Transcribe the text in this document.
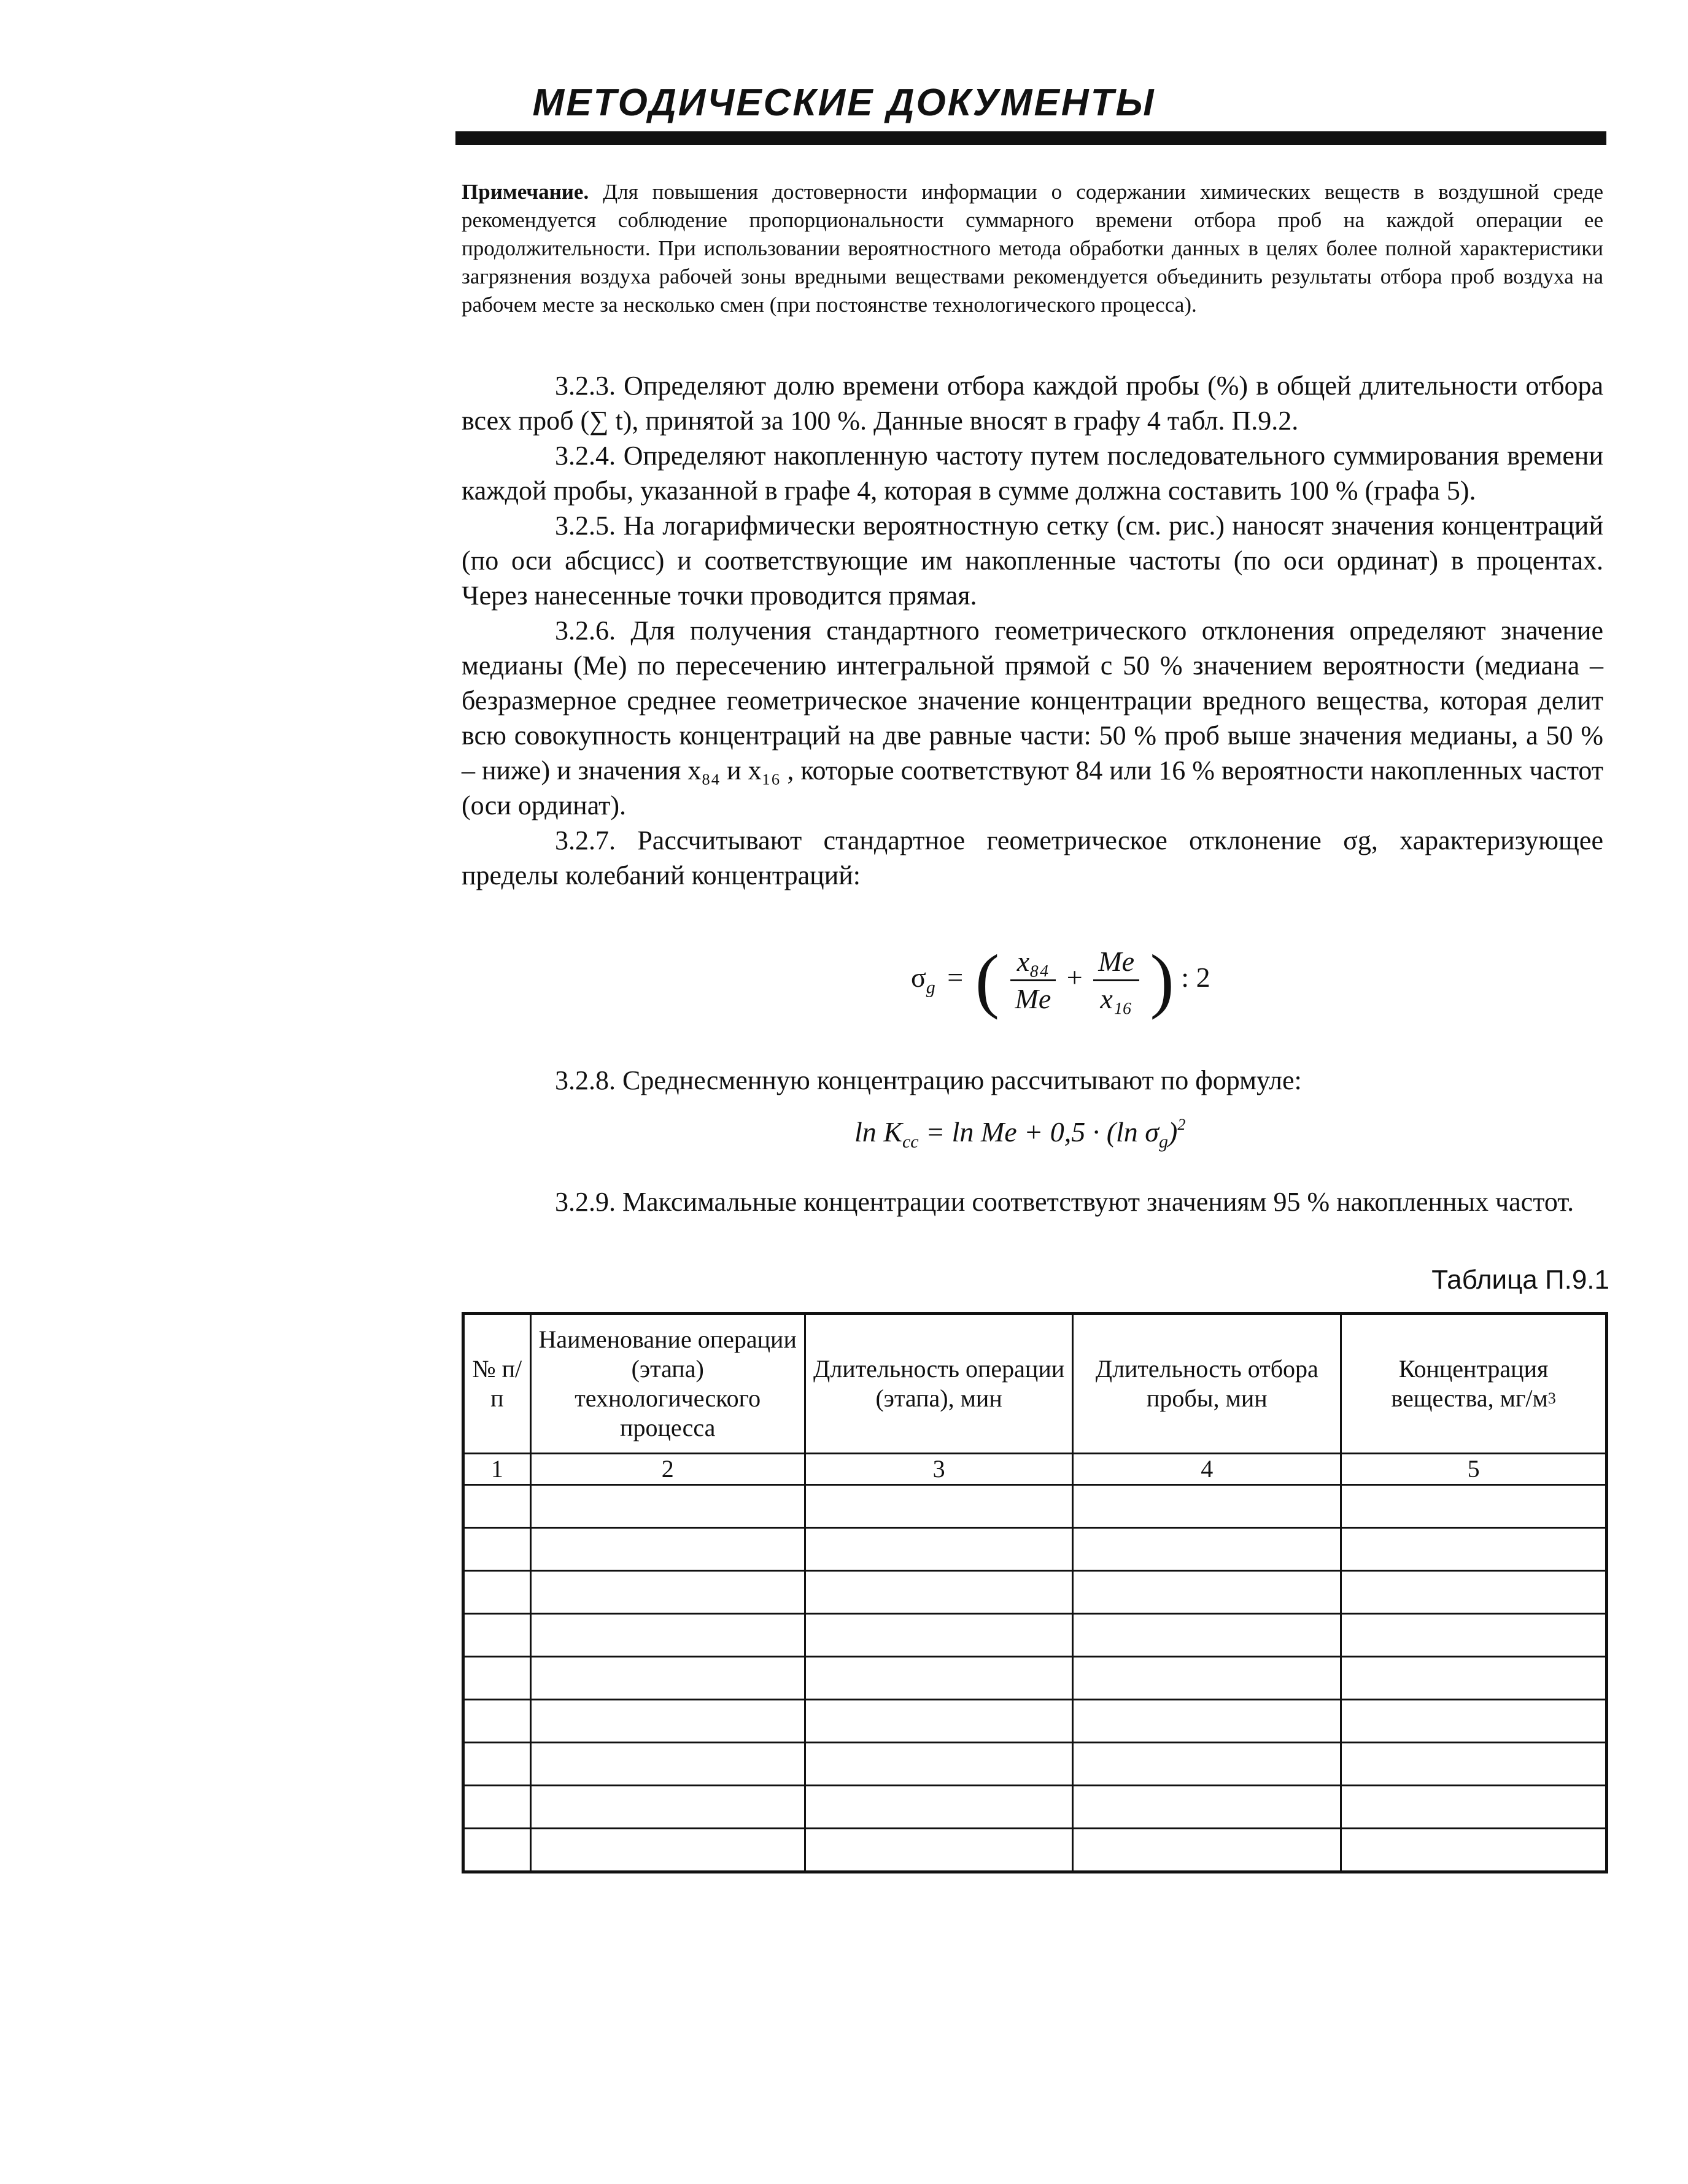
МЕТОДИЧЕСКИЕ ДОКУМЕНТЫ
Примечание. Для повышения достоверности информации о содержании химических веществ в воздушной среде рекомендуется соблюдение пропорциональности суммарного времени отбора проб на каждой операции ее продолжительности. При использовании вероятностного метода обработки данных в целях более полной характеристики загрязнения воздуха рабочей зоны вредными веществами рекомендуется объединить результаты отбора проб воздуха на рабочем месте за несколько смен (при постоянстве технологического процесса).

3.2.3. Определяют долю времени отбора каждой пробы (%) в общей длительности отбора всех проб (∑ t), принятой за 100 %. Данные вносят в графу 4 табл. П.9.2.

3.2.4. Определяют накопленную частоту путем последовательного суммирования времени каждой пробы, указанной в графе 4, которая в сумме должна составить 100 % (графа 5).

3.2.5. На логарифмически вероятностную сетку (см. рис.) наносят значения концентраций (по оси абсцисс) и соответствующие им накопленные частоты (по оси ординат) в процентах. Через нанесенные точки проводится прямая.

3.2.6. Для получения стандартного геометрического отклонения определяют значение медианы (Ме) по пересечению интегральной прямой с 50 % значением вероятности (медиана – безразмерное среднее геометрическое значение концентрации вредного вещества, которая делит всю совокупность концентраций на две равные части: 50 % проб выше значения медианы, а 50 % – ниже) и значения x₈₄ и x₁₆ , которые соответствуют 84 или 16 % вероятности накопленных частот (оси ординат).

3.2.7. Рассчитывают стандартное геометрическое отклонение σg, характеризующее пределы колебаний концентраций:

$\sigma_g$ = ( $\frac{\text{x₈₄}}{Me} + \frac{Me}{\text{x₁₆}}$ ) : 2

3.2.8. Среднесменную концентрацию рассчитывают по формуле:

$\ln K_{cc} = \ln Me + 0,5 \cdot (\ln$ $\sigma_g)^2$

3.2.9. Максимальные концентрации соответствуют значениям 95 % накопленных частот.

Таблица П.9.1
№ п/п	Наименование операции (этапа) технологического процесса	Длительность операции (этапа), мин	Длительность отбора пробы, мин	Концентрация вещества, $мг/м^3$
1	2	3	4	5
